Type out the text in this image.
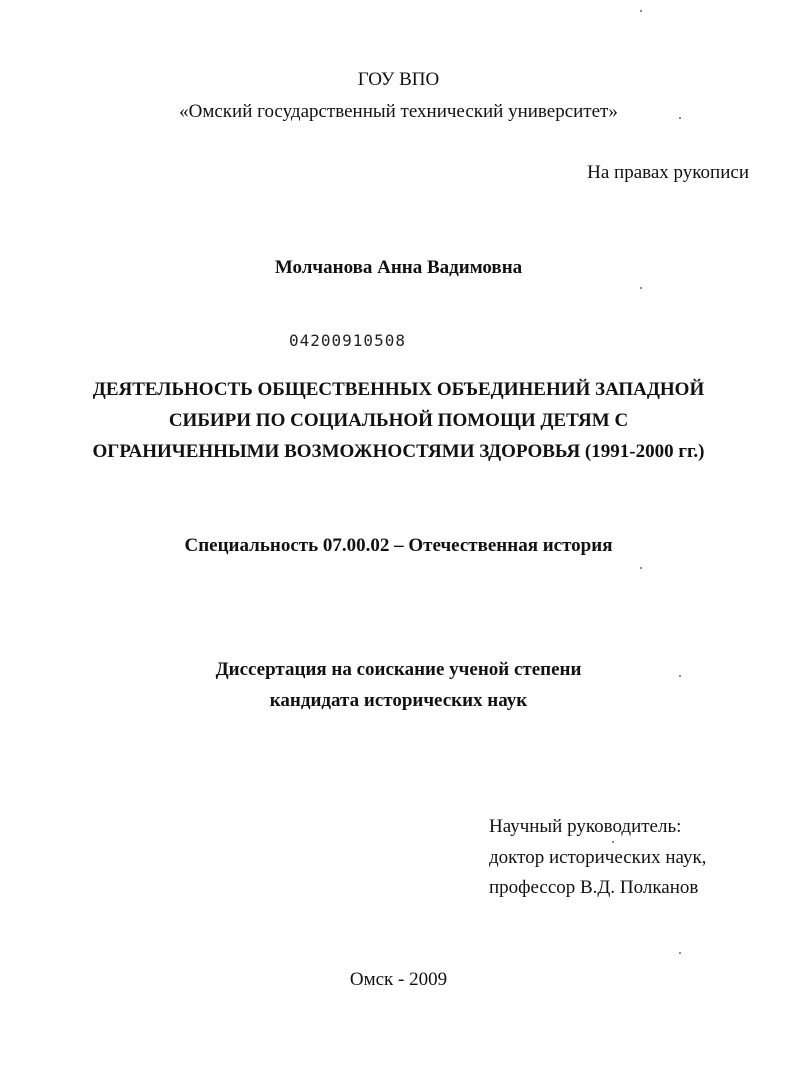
ГОУ ВПО
«Омский государственный технический университет»
На правах рукописи
Молчанова Анна Вадимовна
04200910508
ДЕЯТЕЛЬНОСТЬ ОБЩЕСТВЕННЫХ ОБЪЕДИНЕНИЙ ЗАПАДНОЙ
СИБИРИ ПО СОЦИАЛЬНОЙ ПОМОЩИ ДЕТЯМ С
ОГРАНИЧЕННЫМИ ВОЗМОЖНОСТЯМИ ЗДОРОВЬЯ (1991-2000 гг.)
Специальность 07.00.02 – Отечественная история
Диссертация на соискание ученой степени
кандидата исторических наук
Научный руководитель:
доктор исторических наук,
профессор В.Д. Полканов
Омск - 2009
